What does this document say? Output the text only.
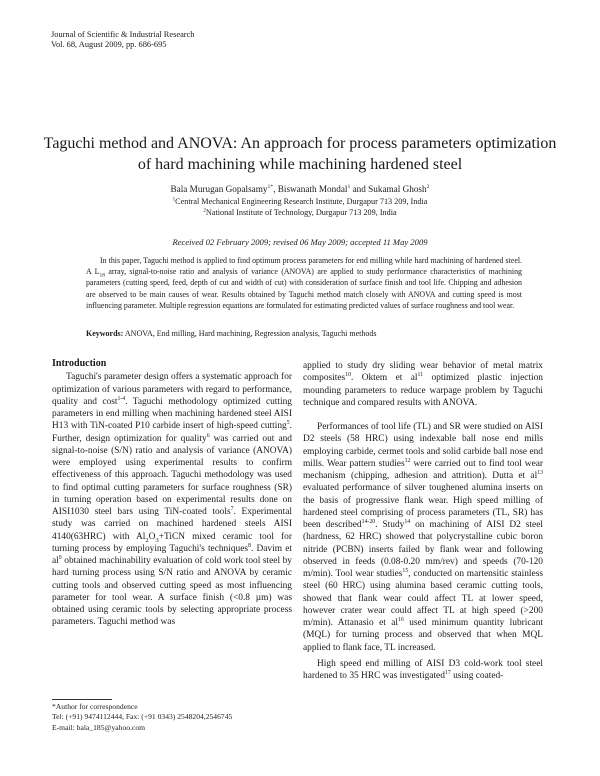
Journal of Scientific & Industrial Research
Vol. 68, August 2009, pp. 686-695
Taguchi method and ANOVA: An approach for process parameters optimization of hard machining while machining hardened steel
Bala Murugan Gopalsamy$^{1*}$, Biswanath Mondal$^1$ and Sukamal Ghosh$^2$
$^1$Central Mechanical Engineering Research Institute, Durgapur 713 209, India
$^2$National Institute of Technology, Durgapur 713 209, India
Received 02 February 2009; revised 06 May 2009; accepted 11 May 2009

In this paper, Taguchi method is applied to find optimum process parameters for end milling while hard machining of hardened steel. A $L_{18}$ array, signal-to-noise ratio and analysis of variance (ANOVA) are applied to study performance characteristics of machining parameters (cutting speed, feed, depth of cut and width of cut) with consideration of surface finish and tool life. Chipping and adhesion are observed to be main causes of wear. Results obtained by Taguchi method match closely with ANOVA and cutting speed is most influencing parameter. Multiple regression equations are formulated for estimating predicted values of surface roughness and tool wear.

Keywords: ANOVA, End milling, Hard machining, Regression analysis, Taguchi methods

Introduction

Taguchi's parameter design offers a systematic approach for optimization of various parameters with regard to performance, quality and cost$^{1-4}$. Taguchi methodology optimized cutting parameters in end milling when machining hardened steel AISI H13 with TiN-coated P10 carbide insert of high-speed cutting$^5$. Further, design optimization for quality$^6$ was carried out and signal-to-noise (S/N) ratio and analysis of variance (ANOVA) were employed using experimental results to confirm effectiveness of this approach. Taguchi methodology was used to find optimal cutting parameters for surface roughness (SR) in turning operation based on experimental results done on AISI1030 steel bars using TiN-coated tools$^7$. Experimental study was carried on machined hardened steels AISI 4140(63HRC) with $Al_2O_3+TiCN$ mixed ceramic tool for turning process by employing Taguchi's techniques$^8$. Davim et $al^9$ obtained machinability evaluation of cold work tool steel by hard turning process using S/N ratio and ANOVA by ceramic cutting tools and observed cutting speed as most influencing parameter for tool wear. A surface finish (<0.8 µm) was obtained using ceramic tools by selecting appropriate process parameters. Taguchi method was

applied to study dry sliding wear behavior of metal matrix composites$^{10}$. Oktem et $al^{11}$ optimized plastic injection mounding parameters to reduce warpage problem by Taguchi technique and compared results with ANOVA.

Performances of tool life (TL) and SR were studied on AISI D2 steels (58 HRC) using indexable ball nose end mills employing carbide, cermet tools and solid carbide ball nose end mills. Wear pattern studies$^{12}$ were carried out to find tool wear mechanism (chipping, adhesion and attrition). Dutta et $al^{13}$ evaluated performance of silver toughened alumina inserts on the basis of progressive flank wear. High speed milling of hardened steel comprising of process parameters (TL, SR) has been described$^{14-20}$. Study$^{14}$ on machining of AISI D2 steel (hardness, 62 HRC) showed that polycrystalline cubic boron nitride (PCBN) inserts failed by flank wear and following observed in feeds (0.08-0.20 mm/rev) and speeds (70-120 m/min). Tool wear studies$^{15}$, conducted on martensitic stainless steel (60 HRC) using alumina based ceramic cutting tools, showed that flank wear could affect TL at lower speed, however crater wear could affect TL at high speed (>200 m/min). Attanasio et $al^{16}$ used minimum quantity lubricant (MQL) for turning process and observed that when MQL applied to flank face, TL increased.

High speed end milling of AISI D3 cold-work tool steel hardened to 35 HRC was investigated$^{17}$ using coated-

*Author for correspondence
Tel: (+91) 9474112444, Fax: (+91 0343) 2548204,2546745
E-mail: bala_185@yahoo.com
